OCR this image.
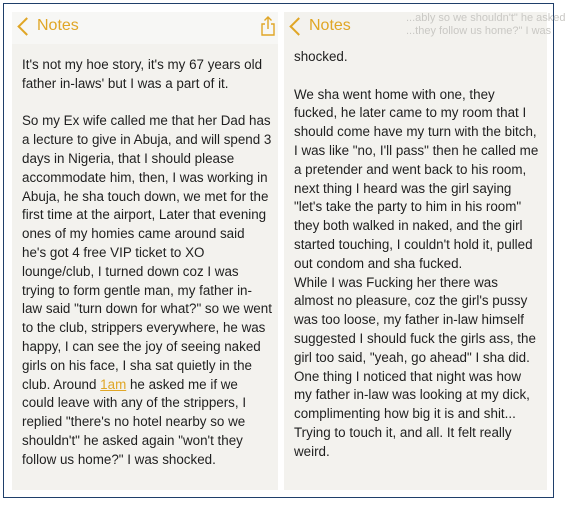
Notes

It's not my hoe story, it's my 67 years old father in-laws' but I was a part of it.

So my Ex wife called me that her Dad has a lecture to give in Abuja, and will spend 3 days in Nigeria, that I should please accommodate him, then, I was working in Abuja, he sha touch down, we met for the first time at the airport, Later that evening ones of my homies came around said he's got 4 free VIP ticket to XO lounge/club, I turned down coz I was trying to form gentle man, my father in-law said "turn down for what?" so we went to the club, strippers everywhere, he was happy, I can see the joy of seeing naked girls on his face, I sha sat quietly in the club. Around 1am he asked me if we could leave with any of the strippers, I replied "there's no hotel nearby so we shouldn't" he asked again "won't they follow us home?" I was shocked.

...ably so we shouldn't" he asked
...they follow us home?" I was
Notes

shocked.

We sha went home with one, they fucked, he later came to my room that I should come have my turn with the bitch, I was like "no, I'll pass" then he called me a pretender and went back to his room, next thing I heard was the girl saying "let's take the party to him in his room" they both walked in naked, and the girl started touching, I couldn't hold it, pulled out condom and sha fucked.

While I was Fucking her there was almost no pleasure, coz the girl's pussy was too loose, my father in-law himself suggested I should fuck the girls ass, the girl too said, "yeah, go ahead" I sha did.

One thing I noticed that night was how my father in-law was looking at my dick, complimenting how big it is and shit... Trying to touch it, and all. It felt really weird.
